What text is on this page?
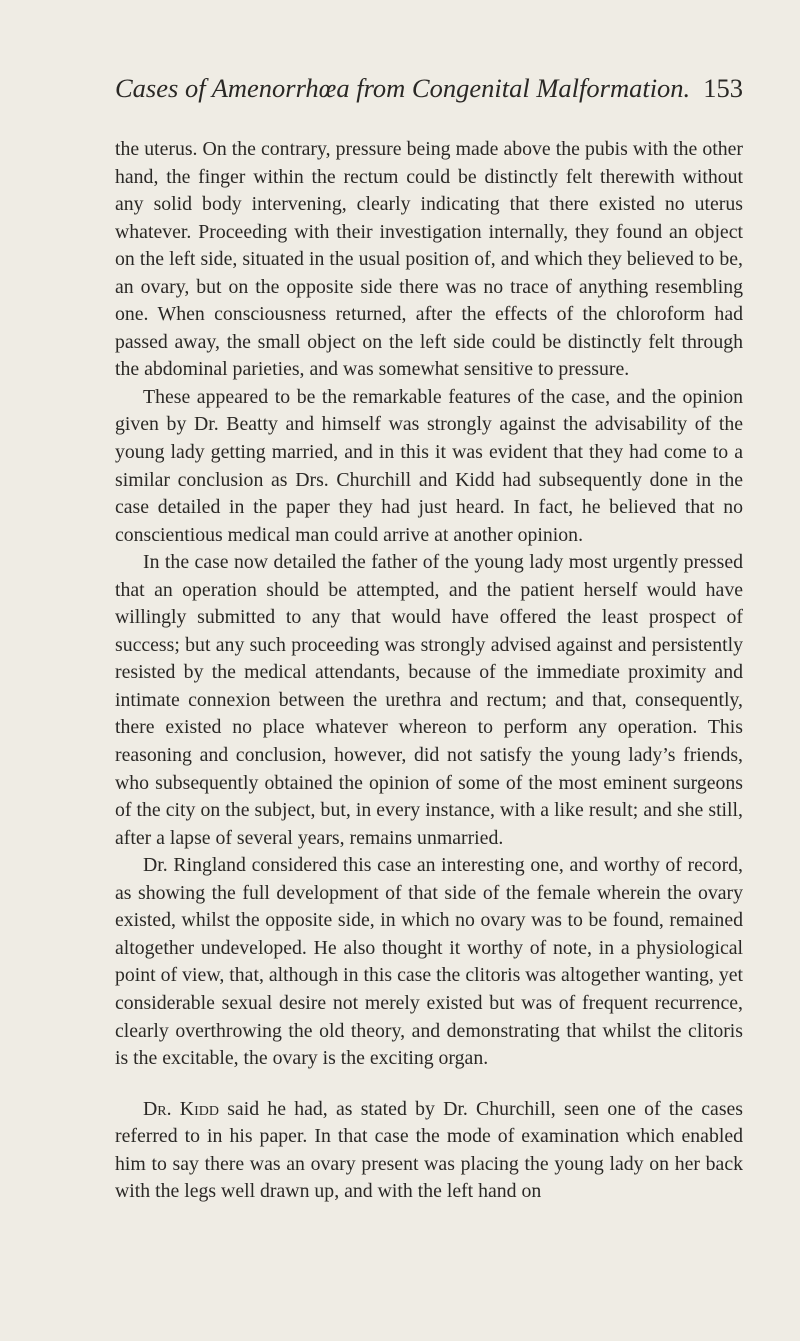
Cases of Amenorrhœa from Congenital Malformation. 153

the uterus. On the contrary, pressure being made above the pubis with the other hand, the finger within the rectum could be distinctly felt therewith without any solid body intervening, clearly indicating that there existed no uterus whatever. Proceeding with their investigation internally, they found an object on the left side, situated in the usual position of, and which they believed to be, an ovary, but on the opposite side there was no trace of anything resembling one. When consciousness returned, after the effects of the chloroform had passed away, the small object on the left side could be distinctly felt through the abdominal parieties, and was somewhat sensitive to pressure.

These appeared to be the remarkable features of the case, and the opinion given by Dr. Beatty and himself was strongly against the advisability of the young lady getting married, and in this it was evident that they had come to a similar conclusion as Drs. Churchill and Kidd had subsequently done in the case detailed in the paper they had just heard. In fact, he believed that no conscientious medical man could arrive at another opinion.

In the case now detailed the father of the young lady most urgently pressed that an operation should be attempted, and the patient herself would have willingly submitted to any that would have offered the least prospect of success; but any such proceeding was strongly advised against and persistently resisted by the medical attendants, because of the immediate proximity and intimate connexion between the urethra and rectum; and that, consequently, there existed no place whatever whereon to perform any operation. This reasoning and conclusion, however, did not satisfy the young lady’s friends, who subsequently obtained the opinion of some of the most eminent surgeons of the city on the subject, but, in every instance, with a like result; and she still, after a lapse of several years, remains unmarried.

Dr. Ringland considered this case an interesting one, and worthy of record, as showing the full development of that side of the female wherein the ovary existed, whilst the opposite side, in which no ovary was to be found, remained altogether undeveloped. He also thought it worthy of note, in a physiological point of view, that, although in this case the clitoris was altogether wanting, yet considerable sexual desire not merely existed but was of frequent recurrence, clearly overthrowing the old theory, and demonstrating that whilst the clitoris is the excitable, the ovary is the exciting organ.

Dr. Kidd said he had, as stated by Dr. Churchill, seen one of the cases referred to in his paper. In that case the mode of examination which enabled him to say there was an ovary present was placing the young lady on her back with the legs well drawn up, and with the left hand on
